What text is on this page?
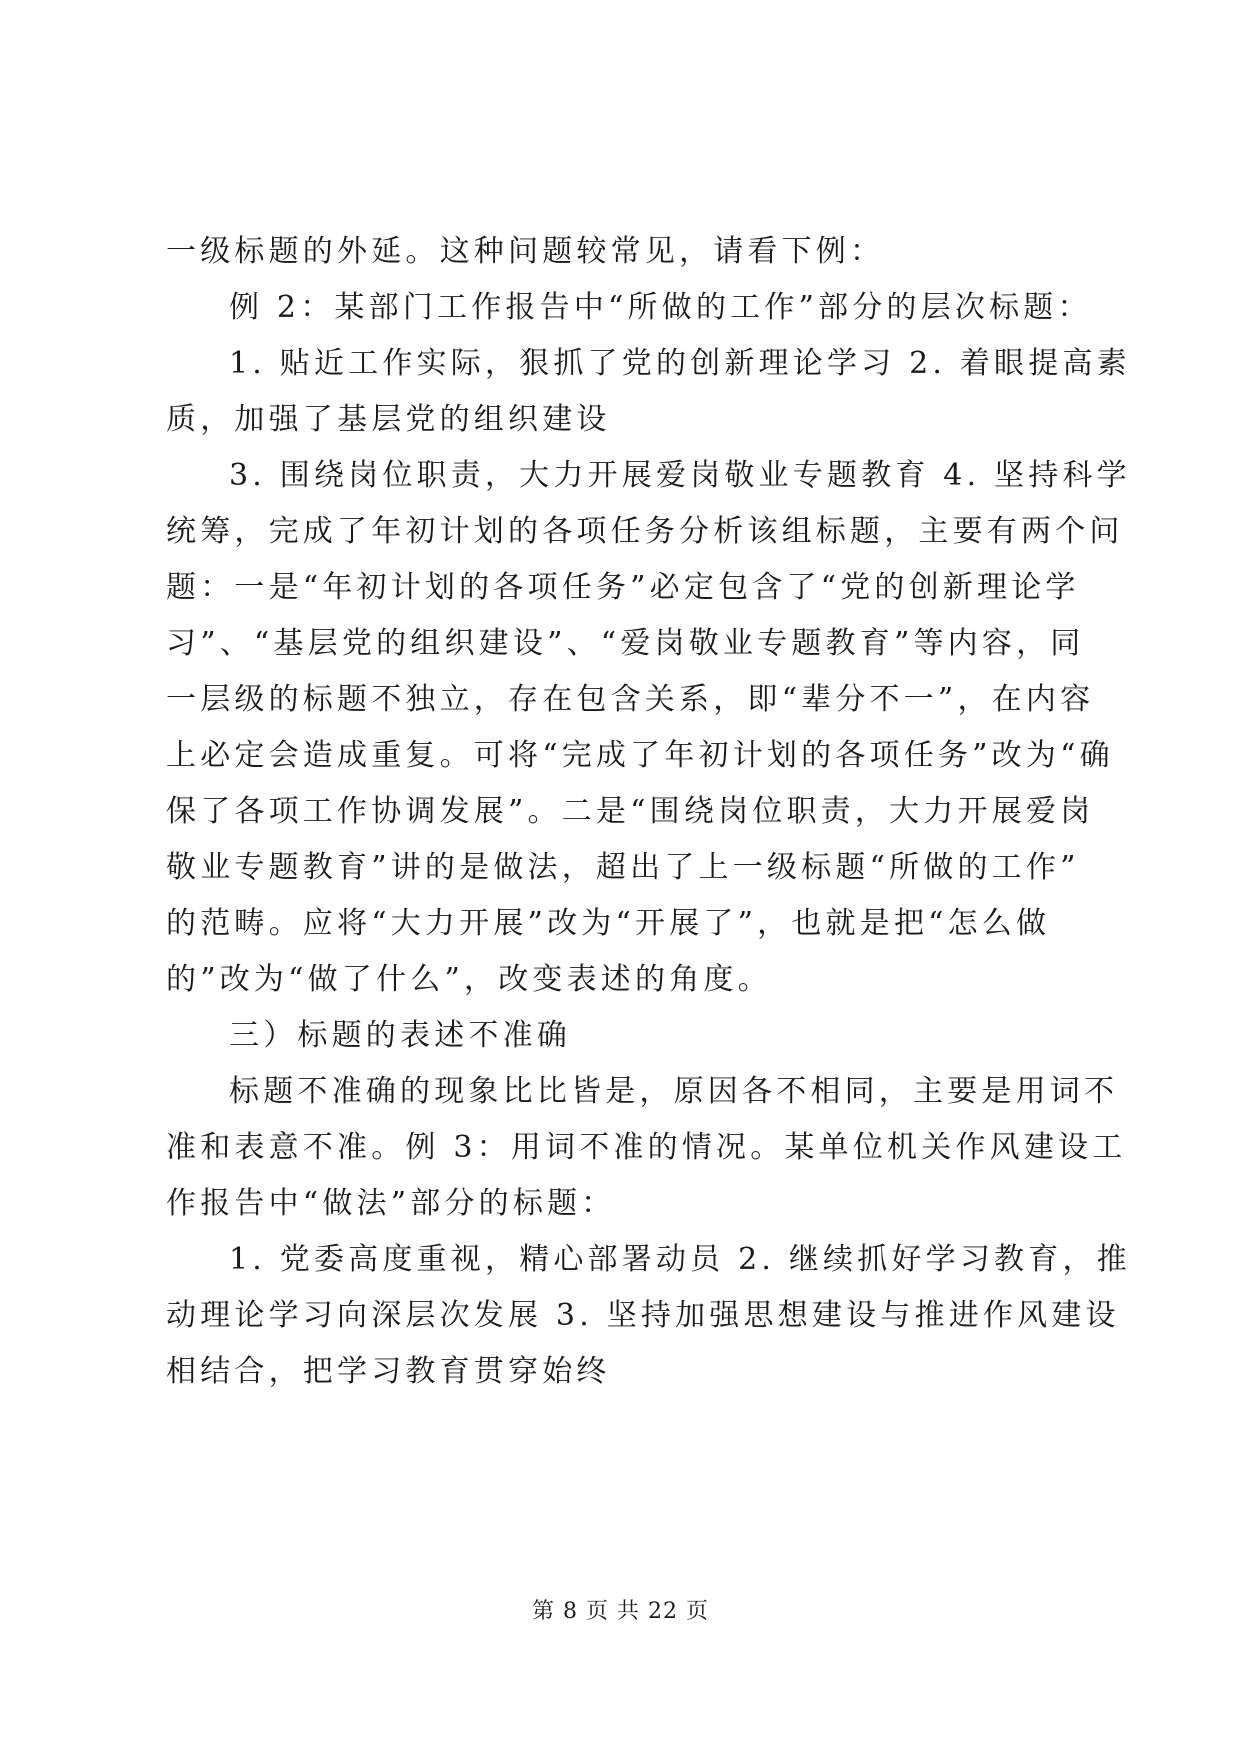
一级标题的外延。这种问题较常见，请看下例：
例 2：某部门工作报告中“所做的工作”部分的层次标题：
1. 贴近工作实际，狠抓了党的创新理论学习 2. 着眼提高素
质，加强了基层党的组织建设
3. 围绕岗位职责，大力开展爱岗敬业专题教育 4. 坚持科学
统筹，完成了年初计划的各项任务分析该组标题，主要有两个问
题：一是“年初计划的各项任务”必定包含了“党的创新理论学
习”、“基层党的组织建设”、“爱岗敬业专题教育”等内容，同
一层级的标题不独立，存在包含关系，即“辈分不一”，在内容
上必定会造成重复。可将“完成了年初计划的各项任务”改为“确
保了各项工作协调发展”。二是“围绕岗位职责，大力开展爱岗
敬业专题教育”讲的是做法，超出了上一级标题“所做的工作”
的范畴。应将“大力开展”改为“开展了”，也就是把“怎么做
的”改为“做了什么”，改变表述的角度。
三）标题的表述不准确
标题不准确的现象比比皆是，原因各不相同，主要是用词不
准和表意不准。例 3：用词不准的情况。某单位机关作风建设工
作报告中“做法”部分的标题：
1. 党委高度重视，精心部署动员 2. 继续抓好学习教育，推
动理论学习向深层次发展 3. 坚持加强思想建设与推进作风建设
相结合，把学习教育贯穿始终
第 8 页 共 22 页
